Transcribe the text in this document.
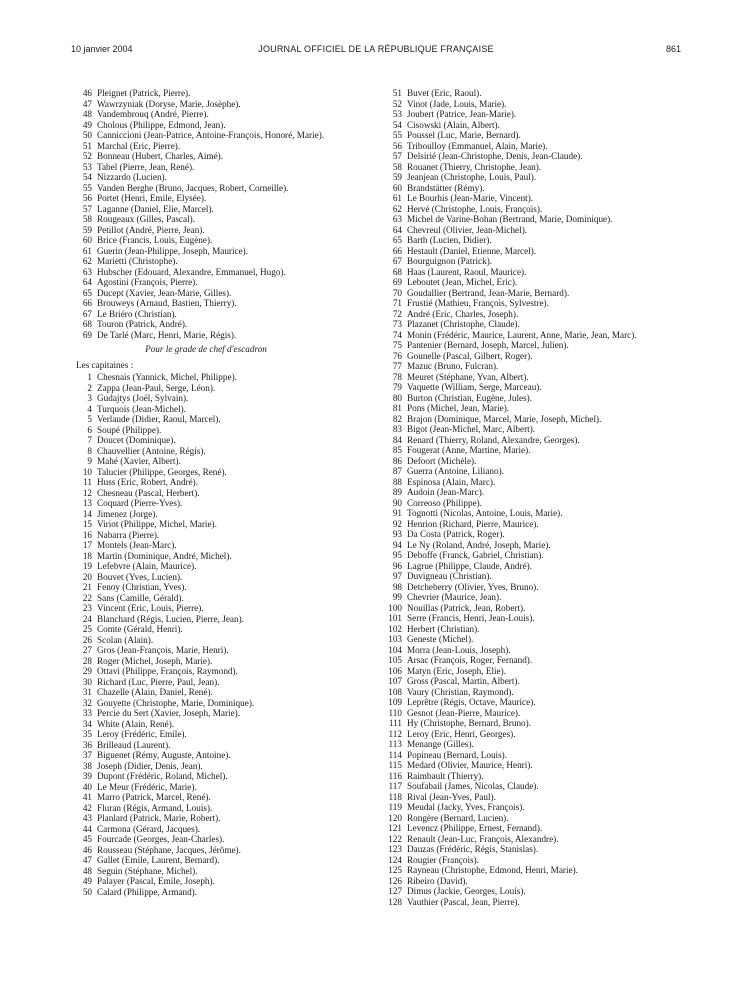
10 janvier 2004	JOURNAL OFFICIEL DE LA RÉPUBLIQUE FRANÇAISE	861
46 Pleignet (Patrick, Pierre).
47 Wawrzyniak (Doryse, Marie, Josèphe).
48 Vandembrouq (André, Pierre).
49 Cholous (Philippe, Edmond, Jean).
50 Canniccioni (Jean-Patrice, Antoine-François, Honoré, Marie).
51 Marchal (Eric, Pierre).
52 Bonneau (Hubert, Charles, Aimé).
53 Tabel (Pierre, Jean, René).
54 Nizzardo (Lucien).
55 Vanden Berghe (Bruno, Jacques, Robert, Corneille).
56 Portet (Henri, Emile, Elysée).
57 Laganne (Daniel, Elie, Marcel).
58 Rougeaux (Gilles, Pascal).
59 Petillot (André, Pierre, Jean).
60 Brice (Francis, Louis, Eugène).
61 Guerin (Jean-Philippe, Joseph, Maurice).
62 Marietti (Christophe).
63 Hubscher (Edouard, Alexandre, Emmanuel, Hugo).
64 Agostini (François, Pierre).
65 Ducept (Xavier, Jean-Marie, Gilles).
66 Brouweys (Arnaud, Bastien, Thierry).
67 Le Briéro (Christian).
68 Touron (Patrick, André).
69 De Tarlé (Marc, Henri, Marie, Régis).
Pour le grade de chef d'escadron
Les capitaines :
1 Chesnais (Yannick, Michel, Philippe).
2 Zappa (Jean-Paul, Serge, Léon).
3 Gudajtys (Joël, Sylvain).
4 Turquois (Jean-Michel).
5 Verlaude (Didier, Raoul, Marcel).
6 Soupé (Philippe).
7 Doucet (Dominique).
8 Chauvellier (Antoine, Régis).
9 Mahé (Xavier, Albert).
10 Talucier (Philippe, Georges, René).
11 Huss (Eric, Robert, André).
12 Chesneau (Pascal, Herbert).
13 Coquard (Pierre-Yves).
14 Jimenez (Jorge).
15 Viriot (Philippe, Michel, Marie).
16 Nabarra (Pierre).
17 Montels (Jean-Marc).
18 Martin (Dominique, André, Michel).
19 Lefebvre (Alain, Maurice).
20 Bouvet (Yves, Lucien).
21 Fenoy (Christian, Yves).
22 Sans (Camille, Gérald).
23 Vincent (Eric, Louis, Pierre).
24 Blanchard (Régis, Lucien, Pierre, Jean).
25 Comte (Gérald, Henri).
26 Scolan (Alain).
27 Gros (Jean-François, Marie, Henri).
28 Roger (Michel, Joseph, Marie).
29 Ottavi (Philippe, François, Raymond).
30 Richard (Luc, Pierre, Paul, Jean).
31 Chazelle (Alain, Daniel, René).
32 Gouyette (Christophe, Marie, Dominique).
33 Percie du Sert (Xavier, Joseph, Marie).
34 White (Alain, René).
35 Leroy (Frédéric, Emile).
36 Brilleaud (Laurent).
37 Biguenet (Rémy, Auguste, Antoine).
38 Joseph (Didier, Denis, Jean).
39 Dupont (Frédéric, Roland, Michel).
40 Le Meur (Frédéric, Marie).
41 Marro (Patrick, Marcel, René).
42 Fluran (Régis, Armand, Louis).
43 Planlard (Patrick, Marie, Robert).
44 Carmona (Gérard, Jacques).
45 Fourcade (Georges, Jean-Charles).
46 Rousseau (Stéphane, Jacques, Jérôme).
47 Gallet (Emile, Laurent, Bernard).
48 Seguin (Stéphane, Michel).
49 Palayer (Pascal, Emile, Joseph).
50 Calard (Philippe, Armand).
51 Buvet (Eric, Raoul).
52 Vinot (Jade, Louis, Marie).
53 Joubert (Patrice, Jean-Marie).
54 Cisowski (Alain, Albert).
55 Poussel (Luc, Marie, Bernard).
56 Triboulloy (Emmanuel, Alain, Marie).
57 Delsirié (Jean-Christophe, Denis, Jean-Claude).
58 Rouanet (Thierry, Christophe, Jean).
59 Jeanjean (Christophe, Louis, Paul).
60 Brandstätter (Rémy).
61 Le Bourhis (Jean-Marie, Vincent).
62 Hervé (Christophe, Louis, François).
63 Michel de Varine-Bohan (Bertrand, Marie, Dominique).
64 Chevreul (Olivier, Jean-Michel).
65 Barth (Lucien, Didier).
66 Hestault (Daniel, Etienne, Marcel).
67 Bourguignon (Patrick).
68 Haas (Laurent, Raoul, Maurice).
69 Leboutet (Jean, Michel, Eric).
70 Goudallier (Bertrand, Jean-Marie, Bernard).
71 Frustié (Mathieu, François, Sylvestre).
72 André (Eric, Charles, Joseph).
73 Plazanet (Christophe, Claude).
74 Monin (Frédéric, Maurice, Laurent, Anne, Marie, Jean, Marc).
75 Pantenier (Bernard, Joseph, Marcel, Julien).
76 Gounelle (Pascal, Gilbert, Roger).
77 Mazuc (Bruno, Fulcran).
78 Meuret (Stéphane, Yvan, Albert).
79 Vaquette (William, Serge, Marceau).
80 Burton (Christian, Eugène, Jules).
81 Pons (Michel, Jean, Marie).
82 Brajon (Dominique, Marcel, Marie, Joseph, Michel).
83 Bigot (Jean-Michel, Marc, Albert).
84 Renard (Thierry, Roland, Alexandre, Georges).
85 Fougerat (Anne, Martine, Marie).
86 Defoort (Michèle).
87 Guerra (Antoine, Liliano).
88 Espinosa (Alain, Marc).
89 Audoin (Jean-Marc).
90 Correoso (Philippe).
91 Tognotti (Nicolas, Antoine, Louis, Marie).
92 Henrion (Richard, Pierre, Maurice).
93 Da Costa (Patrick, Roger).
94 Le Ny (Roland, André, Joseph, Marie).
95 Deboffe (Franck, Gabriel, Christian).
96 Lagrue (Philippe, Claude, André).
97 Duvigneau (Christian).
98 Detcheberry (Olivier, Yves, Bruno).
99 Chevrier (Maurice, Jean).
100 Nouillas (Patrick, Jean, Robert).
101 Serre (Francis, Henri, Jean-Louis).
102 Herbert (Christian).
103 Geneste (Michel).
104 Morra (Jean-Louis, Joseph).
105 Arsac (François, Roger, Fernand).
106 Matyn (Eric, Joseph, Elie).
107 Gross (Pascal, Martin, Albert).
108 Vaury (Christian, Raymond).
109 Leprêtre (Régis, Octave, Maurice).
110 Gesnot (Jean-Pierre, Maurice).
111 Hy (Christophe, Bernard, Bruno).
112 Leroy (Eric, Henri, Georges).
113 Menange (Gilles).
114 Popineau (Bernard, Louis).
115 Medard (Olivier, Maurice, Henri).
116 Raimbault (Thierry).
117 Soufabail (James, Nicolas, Claude).
118 Rival (Jean-Yves, Paul).
119 Meudal (Jacky, Yves, François).
120 Rongère (Bernard, Lucien).
121 Levencz (Philippe, Ernest, Fernand).
122 Renault (Jean-Luc, François, Alexandre).
123 Dauzas (Frédéric, Régis, Stanislas).
124 Rougier (François).
125 Rayneau (Christophe, Edmond, Henri, Marie).
126 Ribeiro (David).
127 Dimus (Jackie, Georges, Louis).
128 Vauthier (Pascal, Jean, Pierre).
